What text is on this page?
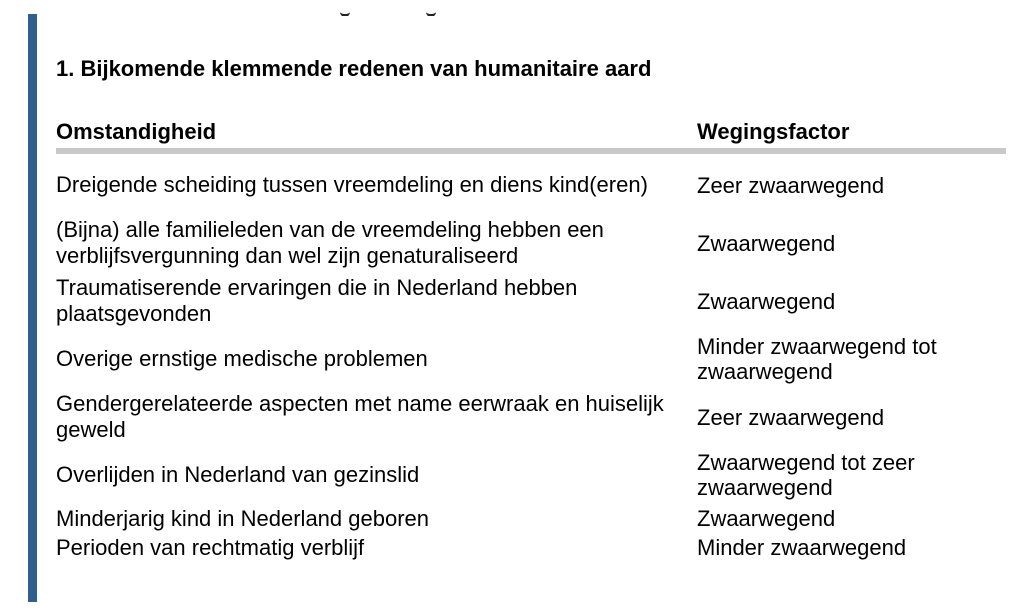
1. Bijkomende klemmende redenen van humanitaire aard
Omstandigheid	Wegingsfactor
Dreigende scheiding tussen vreemdeling en diens kind(eren)	Zeer zwaarwegend
(Bijna) alle familieleden van de vreemdeling hebben een verblijfsvergunning dan wel zijn genaturaliseerd	Zwaarwegend
Traumatiserende ervaringen die in Nederland hebben plaatsgevonden	Zwaarwegend
Overige ernstige medische problemen	Minder zwaarwegend tot zwaarwegend
Gendergerelateerde aspecten met name eerwraak en huiselijk geweld	Zeer zwaarwegend
Overlijden in Nederland van gezinslid	Zwaarwegend tot zeer zwaarwegend
Minderjarig kind in Nederland geboren	Zwaarwegend
Perioden van rechtmatig verblijf	Minder zwaarwegend
